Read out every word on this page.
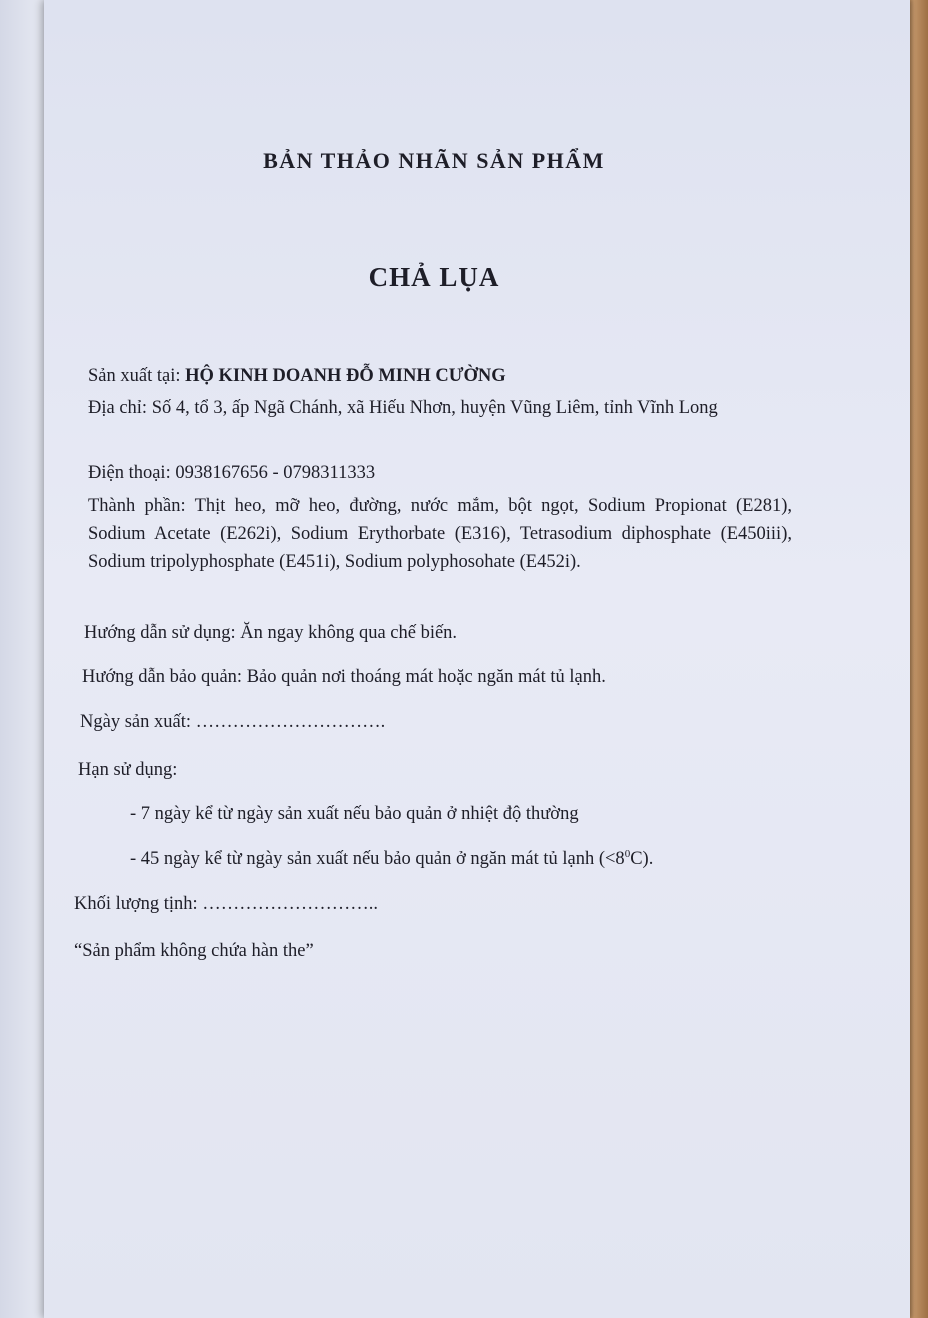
BẢN THẢO NHÃN SẢN PHẨM

CHẢ LỤA

Sản xuất tại: HỘ KINH DOANH ĐỖ MINH CƯỜNG

Địa chỉ: Số 4, tổ 3, ấp Ngã Chánh, xã Hiếu Nhơn, huyện Vũng Liêm, tỉnh Vĩnh Long

Điện thoại: 0938167656 - 0798311333

Thành phần: Thịt heo, mỡ heo, đường, nước mắm, bột ngọt, Sodium Propionat (E281), Sodium Acetate (E262i), Sodium Erythorbate (E316), Tetrasodium diphosphate (E450iii), Sodium tripolyphosphate (E451i), Sodium polyphosohate (E452i).

Hướng dẫn sử dụng: Ăn ngay không qua chế biến.

Hướng dẫn bảo quản: Bảo quản nơi thoáng mát hoặc ngăn mát tủ lạnh.

Ngày sản xuất: ………………………….

Hạn sử dụng:

- 7 ngày kể từ ngày sản xuất nếu bảo quản ở nhiệt độ thường

- 45 ngày kể từ ngày sản xuất nếu bảo quản ở ngăn mát tủ lạnh $(<8^0C)$.

Khối lượng tịnh: ………………………..

“Sản phẩm không chứa hàn the”
